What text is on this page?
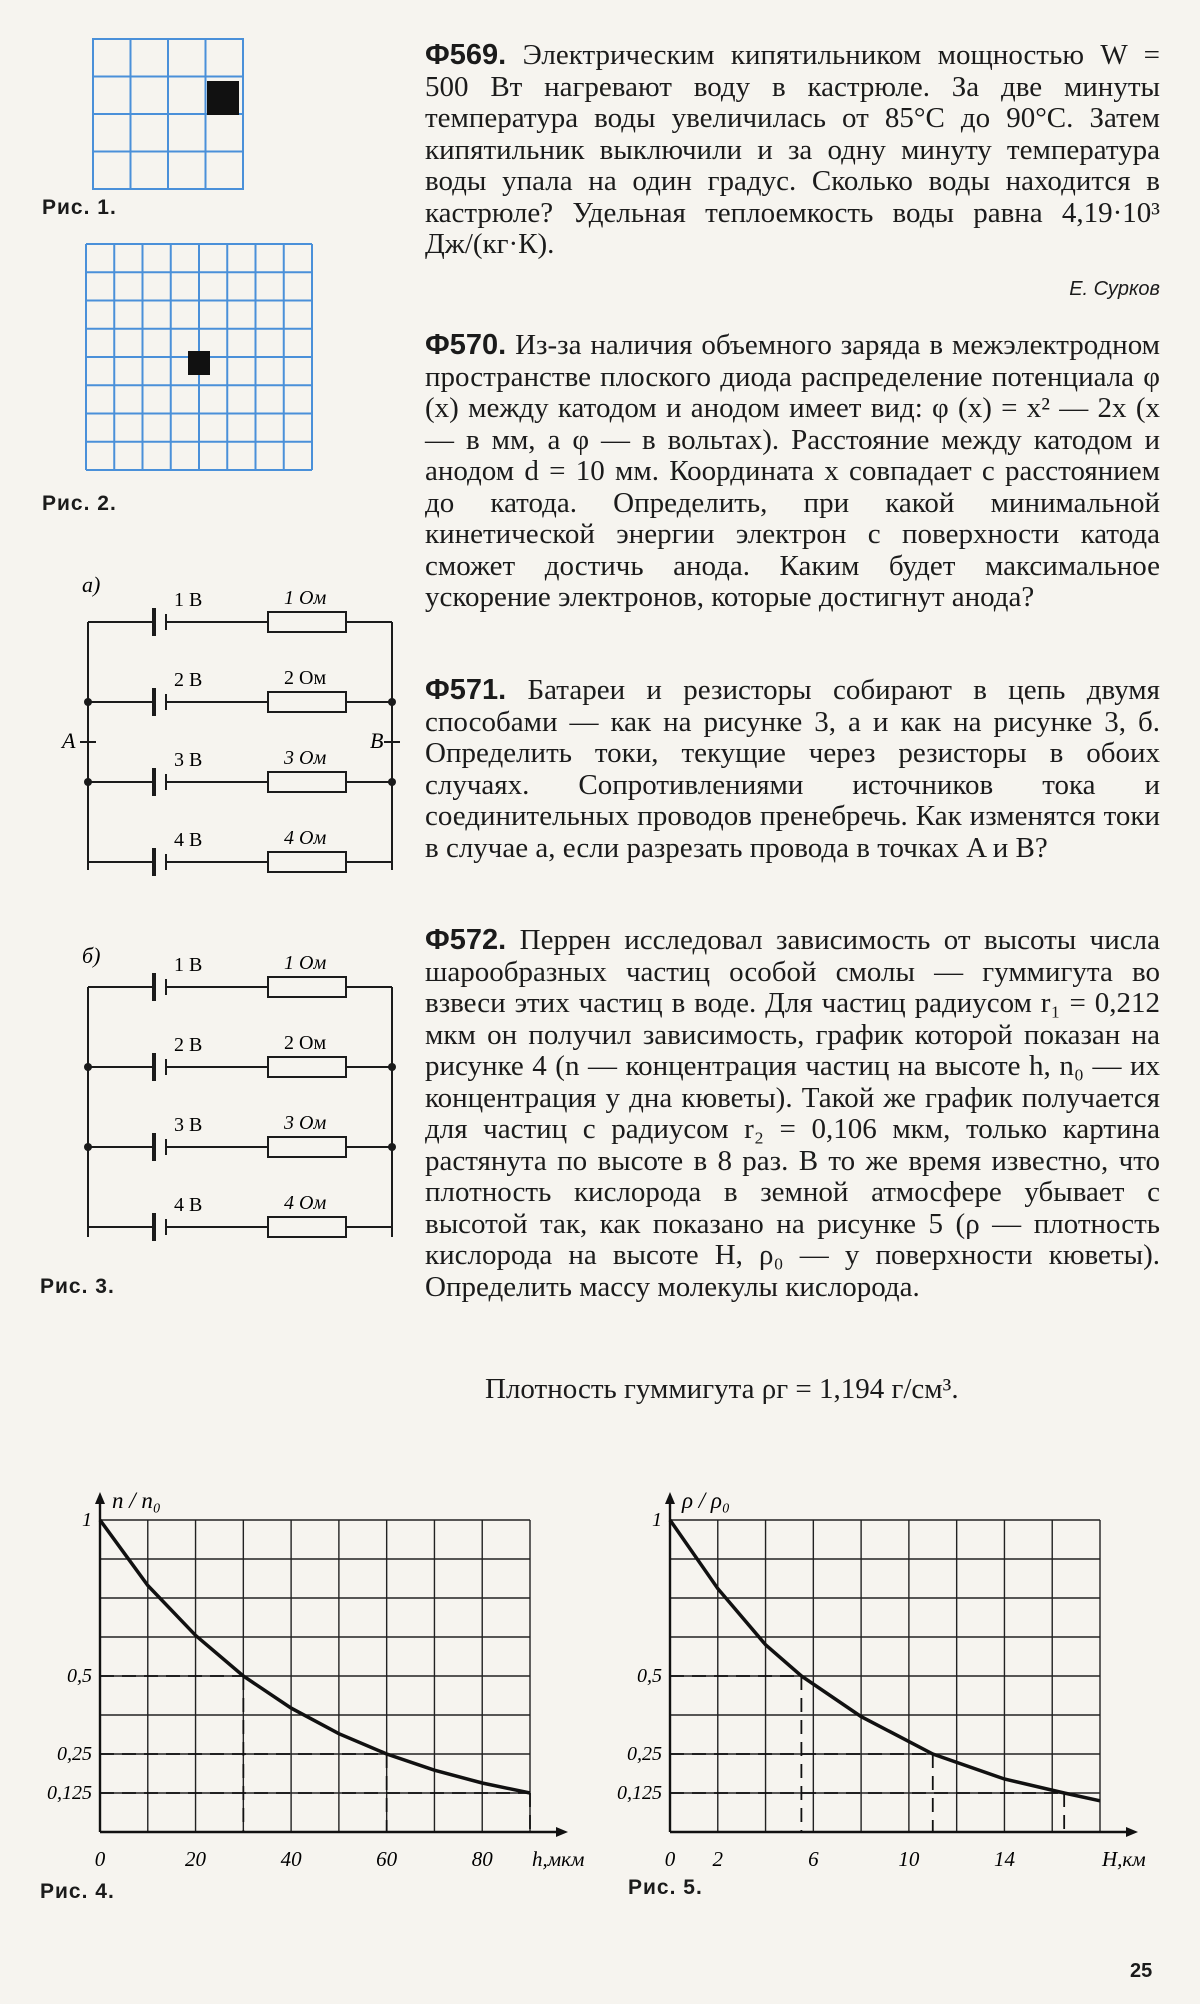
Рис. 1.
Рис. 2.
а)
1 В	1 Ом
2 В	2 Ом
3 В	3 Ом
4 В	4 Ом
A	B
б)	1 В	1 Ом
2 В	2 Ом
3 В	3 Ом
4 В	4 Ом
Рис. 3.
Ф569. Электрическим кипятильником мощностью W = 500 Вт нагревают воду в кастрюле. За две минуты температура воды увеличилась от 85°С до 90°С. Затем кипятильник выключили и за одну минуту температура воды упала на один градус. Сколько воды находится в кастрюле? Удельная теплоемкость воды равна 4,19·10³ Дж/(кг·К).
Е. Сурков
Ф570. Из-за наличия объемного заряда в межэлектродном пространстве плоского диода распределение потенциала φ (x) между катодом и анодом имеет вид: φ (x) = x² — 2x (x — в мм, а φ — в вольтах). Расстояние между катодом и анодом d = 10 мм. Координата x совпадает с расстоянием до катода. Определить, при какой минимальной кинетической энергии электрон с поверхности катода сможет достичь анода. Каким будет максимальное ускорение электронов, которые достигнут анода?
Ф571. Батареи и резисторы собирают в цепь двумя способами — как на рисунке 3, а и как на рисунке 3, б. Определить токи, текущие через резисторы в обоих случаях. Сопротивлениями источников тока и соединительных проводов пренебречь. Как изменятся токи в случае а, если разрезать провода в точках A и B?
Ф572. Перрен исследовал зависимость от высоты числа шарообразных частиц особой смолы — гуммигута во взвеси этих частиц в воде. Для частиц радиусом r₁ = 0,212 мкм он получил зависимость, график которой показан на рисунке 4 (n — концентрация частиц на высоте h, n₀ — их концентрация у дна кюветы). Такой же график получается для частиц с радиусом r₂ = 0,106 мкм, только картина растянута по высоте в 8 раз. В то же время известно, что плотность кислорода в земной атмосфере убывает с высотой так, как показано на рисунке 5 (ρ — плотность кислорода на высоте H, ρ₀ — у поверхности кюветы). Определить массу молекулы кислорода.
Плотность гуммигута ρг = 1,194 г/см³.
1
0,5
0,25
0,125
0	20	40	60	80 h,мкм
n / n₀
Рис. 4.
1
0,5
0,25
0,125
0 2	6	10	14	H,км
ρ / ρ₀
Рис. 5.
25
